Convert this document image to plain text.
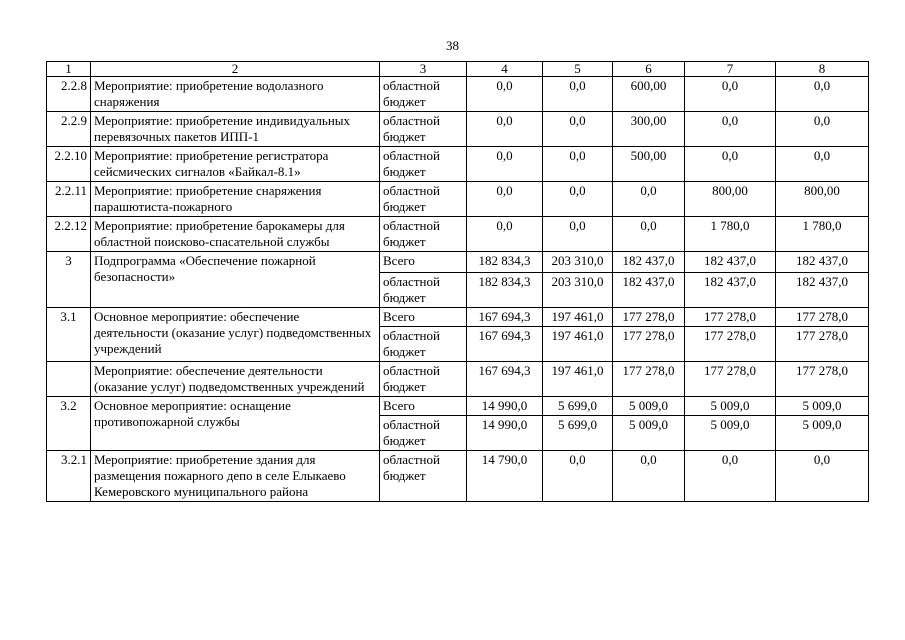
38
1	2	3	4	5	6	7	8
2.2.8	Мероприятие: приобретение водолазного снаряжения	областной бюджет	0,0	0,0	600,00	0,0	0,0
2.2.9	Мероприятие: приобретение индивидуальных перевязочных пакетов ИПП-1	областной бюджет	0,0	0,0	300,00	0,0	0,0
2.2.10	Мероприятие: приобретение регистратора сейсмических сигналов «Байкал-8.1»	областной бюджет	0,0	0,0	500,00	0,0	0,0
2.2.11	Мероприятие: приобретение снаряжения парашютиста-пожарного	областной бюджет	0,0	0,0	0,0	800,00	800,00
2.2.12	Мероприятие: приобретение барокамеры для областной поисково-спасательной службы	областной бюджет	0,0	0,0	0,0	1 780,0	1 780,0
3	Подпрограмма «Обеспечение пожарной безопасности»	Всего	182 834,3	203 310,0	182 437,0	182 437,0	182 437,0
		областной бюджет	182 834,3	203 310,0	182 437,0	182 437,0	182 437,0
3.1	Основное мероприятие: обеспечение деятельности (оказание услуг) подведомственных учреждений	Всего	167 694,3	197 461,0	177 278,0	177 278,0	177 278,0
		областной бюджет	167 694,3	197 461,0	177 278,0	177 278,0	177 278,0
	Мероприятие: обеспечение деятельности (оказание услуг) подведомственных учреждений	областной бюджет	167 694,3	197 461,0	177 278,0	177 278,0	177 278,0
3.2	Основное мероприятие: оснащение противопожарной службы	Всего	14 990,0	5 699,0	5 009,0	5 009,0	5 009,0
		областной бюджет	14 990,0	5 699,0	5 009,0	5 009,0	5 009,0
3.2.1	Мероприятие: приобретение здания для размещения пожарного депо в селе Елыкаево Кемеровского муниципального района	областной бюджет	14 790,0	0,0	0,0	0,0	0,0
